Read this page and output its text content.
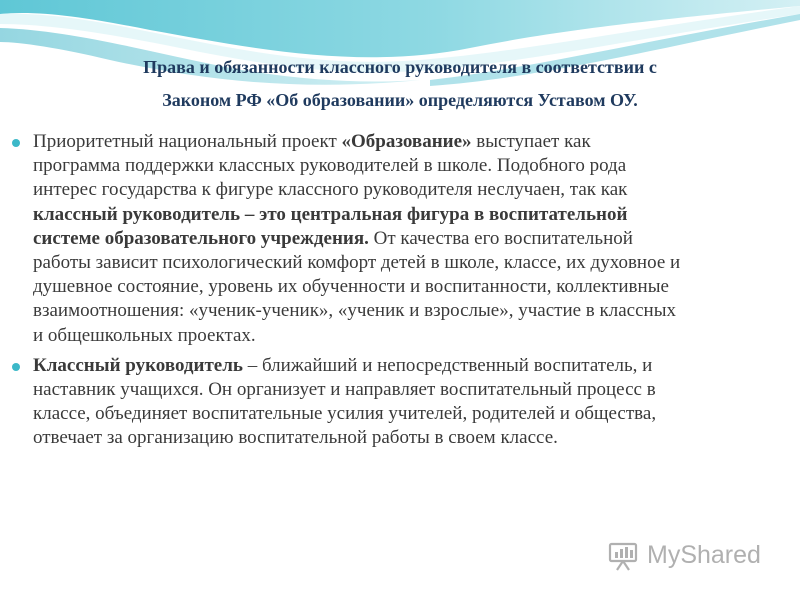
Права и обязанности классного руководителя в соответствии с
Законом РФ «Об образовании» определяются Уставом ОУ.
Приоритетный национальный проект «Образование» выступает как
программа поддержки классных руководителей в школе. Подобного рода
интерес государства к фигуре классного руководителя неслучаен, так как
классный руководитель – это центральная фигура в воспитательной
системе образовательного учреждения. От качества его воспитательной
работы зависит психологический комфорт детей в школе, классе, их духовное и
душевное состояние, уровень их обученности и воспитанности, коллективные
взаимоотношения: «ученик-ученик», «ученик и взрослые», участие в классных
и общешкольных проектах.
Классный руководитель – ближайший и непосредственный воспитатель, и
наставник учащихся. Он организует и направляет воспитательный процесс в
классе, объединяет воспитательные усилия учителей, родителей и общества,
отвечает за организацию воспитательной работы в своем классе.
MyShared
